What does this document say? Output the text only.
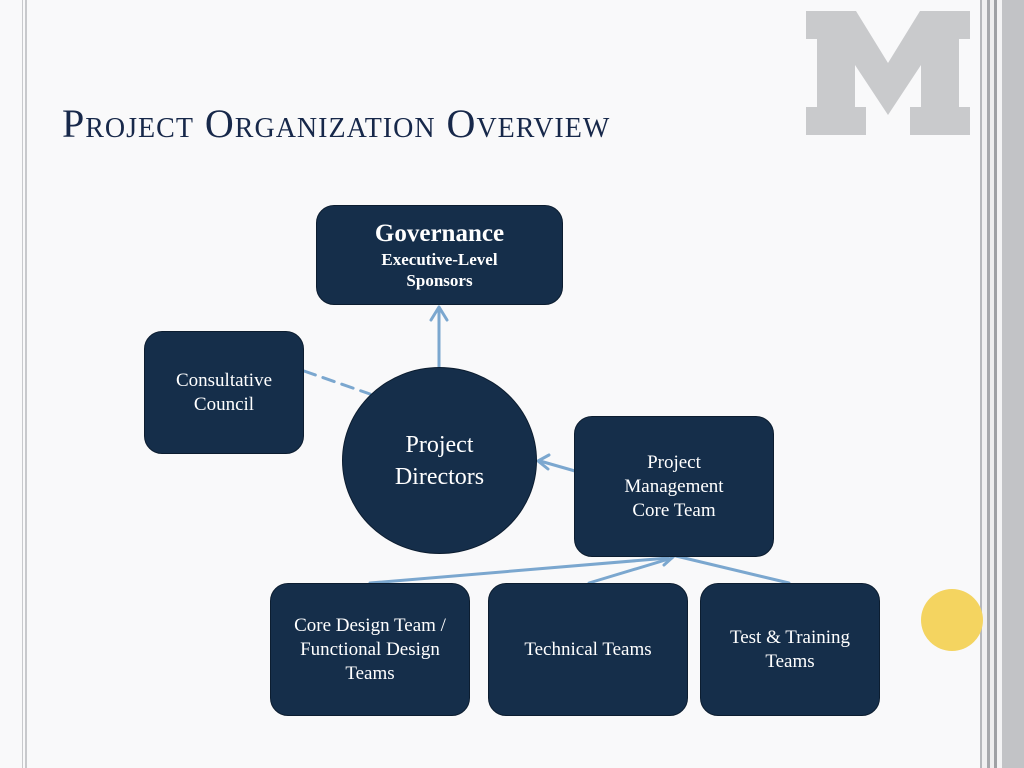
Project Organization Overview
Governance
Executive-Level Sponsors
Consultative Council
Project Directors
Project Management Core Team
Core Design Team / Functional Design Teams
Technical Teams
Test & Training Teams
